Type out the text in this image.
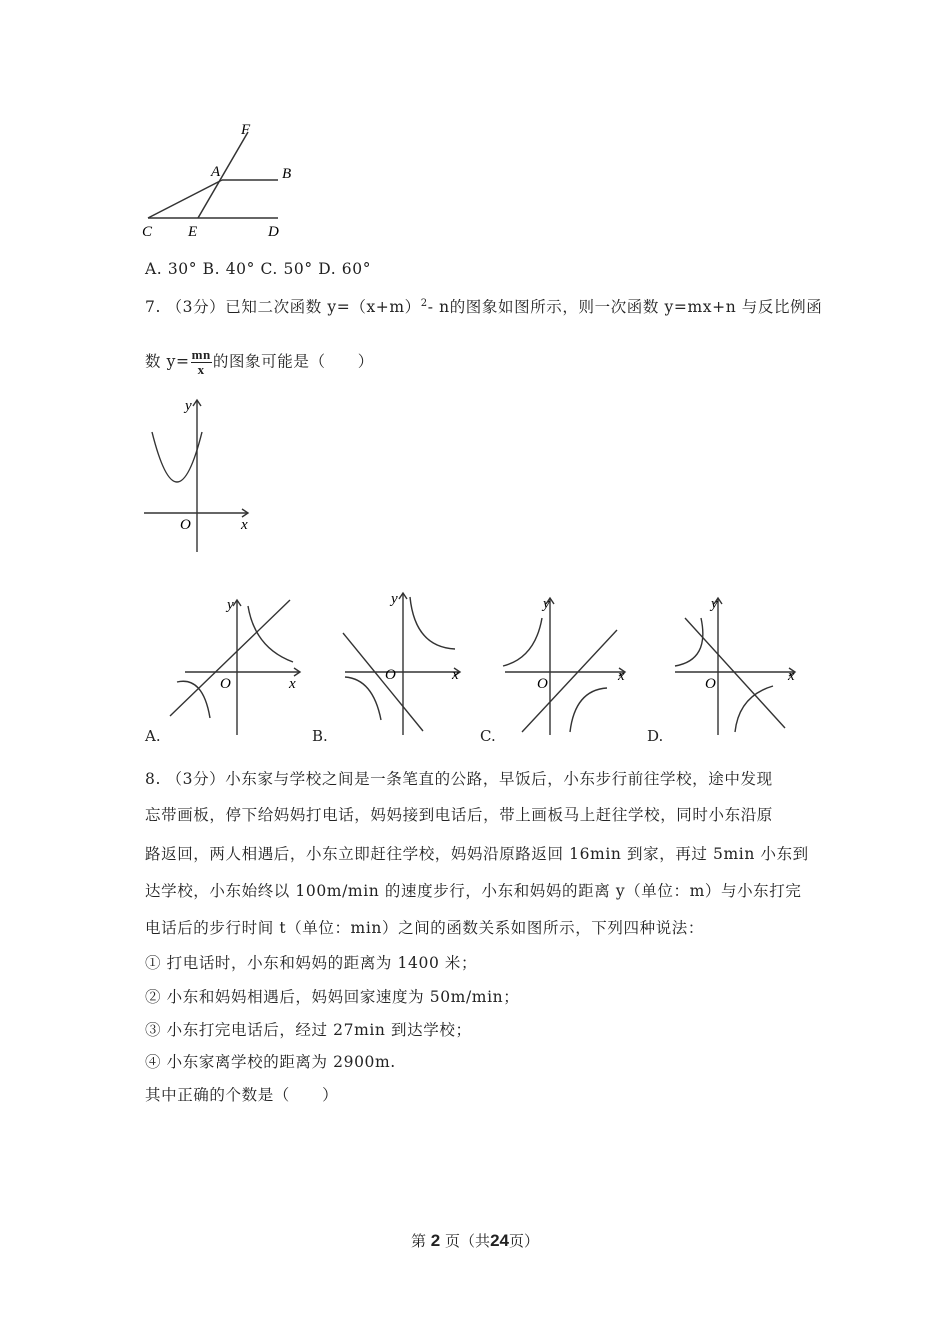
F
A	B
C E	D
A. 30° B. 40° C. 50° D. 60°
7. （3分）已知二次函数 $y=(x+m)^2-$ n的图象如图所示，则一次函数 y=mx+n 与反比例函
数 $y= \frac{mn}{x}$ 的图象可能是（　　）
y
x
O
y
x
O
y
x
O
y
x
O
y
x
O
A.	B.	C.	D.
8. （3分）小东家与学校之间是一条笔直的公路，早饭后，小东步行前往学校，途中发现
忘带画板，停下给妈妈打电话，妈妈接到电话后，带上画板马上赶往学校，同时小东沿原
路返回，两人相遇后，小东立即赶往学校，妈妈沿原路返回 16min 到家，再过 5min 小东到
达学校，小东始终以 100m/min 的速度步行，小东和妈妈的距离 y（单位：m）与小东打完
电话后的步行时间 t（单位：min）之间的函数关系如图所示，下列四种说法：
① 打电话时，小东和妈妈的距离为 1400 米；
② 小东和妈妈相遇后，妈妈回家速度为 50m/min；
③ 小东打完电话后，经过 27min 到达学校；
④ 小东家离学校的距离为 2900m.
其中正确的个数是（　　）
第 2 页（共24页）
